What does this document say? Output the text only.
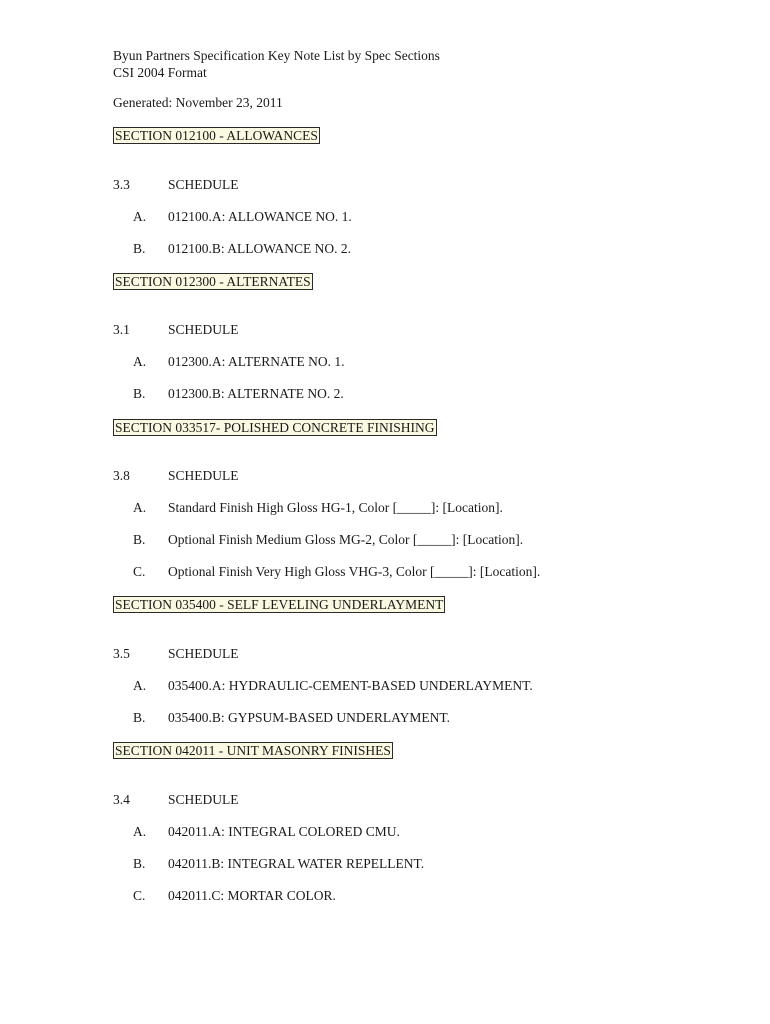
Byun Partners Specification Key Note List by Spec Sections
CSI 2004 Format
Generated: November 23, 2011
SECTION 012100 - ALLOWANCES
3.3	SCHEDULE
A. 012100.A: ALLOWANCE NO. 1.
B. 012100.B: ALLOWANCE NO. 2.
SECTION 012300 - ALTERNATES
3.1	SCHEDULE
A. 012300.A: ALTERNATE NO. 1.
B. 012300.B: ALTERNATE NO. 2.
SECTION 033517- POLISHED CONCRETE FINISHING
3.8	SCHEDULE
A. Standard Finish High Gloss HG-1, Color [_____]: [Location].
B. Optional Finish Medium Gloss MG-2, Color [_____]: [Location].
C. Optional Finish Very High Gloss VHG-3, Color [_____]: [Location].
SECTION 035400 - SELF LEVELING UNDERLAYMENT
3.5	SCHEDULE
A. 035400.A: HYDRAULIC-CEMENT-BASED UNDERLAYMENT.
B. 035400.B: GYPSUM-BASED UNDERLAYMENT.
SECTION 042011 - UNIT MASONRY FINISHES
3.4	SCHEDULE
A. 042011.A: INTEGRAL COLORED CMU.
B. 042011.B: INTEGRAL WATER REPELLENT.
C. 042011.C: MORTAR COLOR.
